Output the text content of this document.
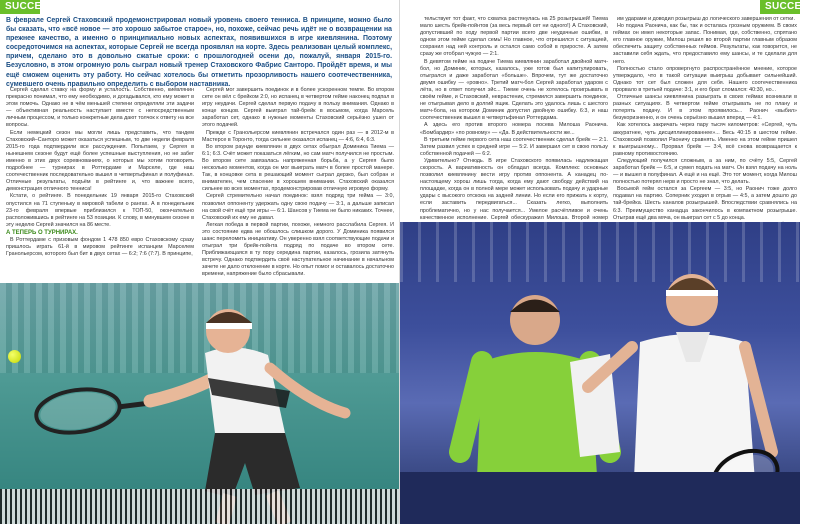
SUCCESS
В феврале Сергей Стаховский продемонстрировал новый уровень своего тенниса. В принципе, можно было бы сказать, что «всё новое — это хорошо забытое старое», но, похоже, сейчас речь идёт не о возвращении на прежнее качество, а именно о принципиально новых аспектах, появившихся в игре киевлянина. Поэтому сосредоточимся на аспектах, которые Сергей не всегда проявлял на корте. Здесь реализован целый комплекс, причем, сделано это в довольно сжатые сроки: с прошлогодней осени до, пожалуй, января 2015-го. Безусловно, в этом огромную роль сыграл новый тренер Стаховского Фабрис Санторо. Пройдёт время, и мы ещё сможем оценить эту работу. Но сейчас хотелось бы отметить прозорливость нашего соотечественника, сумевшего очень правильно определить с выбором наставника.

Сергей сделал ставку на форму и усталость. Собственно, киевлянин прекрасно понимал, что ему необходимо, и догадывался, кто ему может в этом помочь. Однако не в чём меньшей степени определяли эти задачи — объективная реальность наступает вместе с непосредственным личным процессом, и только конкретные дела дают толчок к ответу на все вопросы.

Если немецкий сезон мы могли лишь представить, что тандем Стаховский–Санторо может оказаться успешным, то две недели февраля 2015-го года подтвердили все рассуждения. Попытаем, у Сергея в нынешнем сезоне будут ещё более успешные выступления, но не забег именно в этих двух соревнованиях, о которых мы хотим поговорить подробнее — турнирах в Роттердаме и Марселе, где наш соотечественник последовательно вышел в четвертьфинал и полуфинал. Отличные результаты, подъём в рейтинге и, что важнее всего, демонстрация отличного тенниса!

Кстати, о рейтинге. В понедельник 19 января 2015-го Стаховский опустился на 71 ступеньку в мировой табели о рангах. А в понедельник 23-го февраля впервые приблизился к ТОП-50, окончательно расположившись в рейтинге на 53 позиции. К слову, в минувшем сезоне в эту неделю Сергей значился на 86 месте.

А ТЕПЕРЬ О ТУРНИРАХ.

В Роттердаме с призовым фондом 1 478 850 евро Стаховскому сразу пришлось играть 61-й в мировом рейтинге испанцем Марселем Гранольерсом, которого был бит в двух сетах — 6:2; 7:6 (7:7). В принципе,

Сергей мог завершить поединок и в более ускоренном темпе. Во втором сете он вёл с брейком 2:0, но испанец в четвертом гейме наконец подпал в игру неудачи. Сергей сделал первую подачу в пользу внимания. Однако в конце концов. Сергей выиграл тай-брейк в восьмом, когда Марсель заработал сет, однако в нужные моменты Стаховский серьёзно ушел от этого подачей.

Прежде с Гранольерсом киевлянин встречался один раз — в 2012-м в Мастерсе в Торонто, тогда сильнее оказался испанец — 4:6, 6:4, 6:3.

Во втором раунде киевлянин в двух сетах обыграл Доминика Тиема — 6:1; 6:3. Счёт может показаться лёгким, но сам матч получился не простым. Во втором сете завязалась напряженная борьба, а у Сергея было несколько моментов, когда он мог выиграть матч в более простой манере. Так, в концовке сета в решающий момент сыграл дерзко, был собран и внимателен, чем спасение в хорошем внимании. Стаховский оказался сильнее во всех моментах, продемонстрировав отличную игровую форму.

Сергей стремительно начал поединок: взял подряд три гейма — 3:0, позволил оппоненту удержать одну свою подачу — 3:1, а дальше записал на свой счёт ещё три игры — 6:1. Шансов у Тиема не было никаких. Точнее, Стаховский их ему не давал.

Легкая победа в первой партии, похоже, немного расслабила Сергея. И это состояние едва не обошлось слишком дорого. У Доминика появился шанс переломить инициативу. Он уверенно взял соответствующие подачи и отыграл три брейк-пойнта подряд по подаче во втором сете. Приближающаяся в ту пору середина партии, казалось, грозила затянуть встречу. Однако подтвердить своё наступательное начинание в начальном зачете не дало отклонение в корте. Но опыт помог и оставалось достаточно времени, напряжение было сбрасывали.

SUCCESS

тельствует тот факт, что схватка растянулась на 25 розыгрышей! Тиема мало шесть брейк-пойнтов (за весь первый сет ни одного!) А Стаховский, допустивший по ходу первой партии всего две неудачные ошибки, в одном этом гейме сделал семь! Но главное, что отрешился с ситуацией, сохранил над ней контроль и остался само собой в приросте. А затем сразу же отобрал чужую — 2:1.

В девятом гейме на подаче Тиема киевлянин заработал двойной матч-бол, но Доминик, которых, казалось, уже готов был капитулировать, отыгрался и даже заработал «больше». Впрочем, тут же достаточно двумя ошибку — «ровно». Третий матч-бол Сергей заработал ударом с лёта, но в ответ получил эйс... Тиеме очень не хотелось проигрывать в своём гейме, и Стаховский, неврастеник, стремился завершить поединок, не отыгрывая дело в долгий ящик. Сделать это удалось лишь с шестого матч-бола, на котором Доминик допустил двойную ошибку. 6:3, и наш соотечественник вышел в четвертьфинал Роттердама.

А здесь его против второго номера посева Милоша Раонича. «Бомбардир» «по ровному» — «Да. В действительности же...

В третьем гейме первого сета наш соотечественник сделал брейк — 2:1. Затем развил успех в средней игре — 5:2. И завершил сет в свою пользу собственной подачей — 6:2.

Удивительно? Отнюдь. В игре Стаховского появилась надлежащая скорость. А вариативность он обладал всегда. Комплекс основных позволил киевлянину вести игру против оппонента. А канадец по-настоящему хорош лишь тогда, когда ему дают свободу действий на площадке, когда он в полной мере может использовать подачу и ударные удары с высокого отскока на задней линии. Но если его прижать к корту, если заставить передвигаться... Сказать легко, выполнить проблематично, но у нас получается... Умелое расчётливое и очень качественное исполнение. Сергей обескуражил Милоша. Второй номер

им ударами и доводил розыгрыш до логического завершения от сетки.

Но подача Раонича, как бы, так и осталась грозным оружием. В своих геймах он имел некоторые запас. Понимая, где, собственно, спрятано его главное оружие, Милош решил во второй партии главным образом обеспечить защиту собственных геймов. Результаты, как говорится, не заставили себя ждать, что предоставило ему шансы, и те сделали для него.

Полностью стало опровергнуто распространённое мнение, которое утверждало, что в такой ситуации выигрыш добывает сильнейший. Однако тот сет был сложен для себя. Нашего соотечественника прорвало в третьей подаче: 3:1, и его брат сломался: 40:30, но...

Отличные шансы киевлянина разыграть в своих геймах возникали в разных ситуациях. В четвертом гейме отыгрывать не по плану и потерять подачу. И в этом проявилось... Раонич «выбил» безукоризненно, и он очень серьёзно вышел вперед — 4:1.

Как хотелось закричать через пару тысяч километров: «Сергей, чуть аккуратнее, чуть дисциплинированнее»... Весь 40:15 в шестом гейме. Стаховский позволил Раоничу сравнять. Именно на этом гейме пришел к выигрышному... Прорвал брейк — 3:4, всё снова возвращается к равному противостоянию.

Следующий получился сложным, а за ним, по счёту 5:5, Сергей заработал брейк — 6:5, и сумел подать на матч. Он взял подачу на ноль — и вышел в полуфинал. А ещё и на ещё. Это тот момент, когда Милош полностью потерял нерв и просто не знал, что делать.

Восьмой гейм остался за Сергеем — 3:5, но Раонич тоже долго подавал на партию. Соперник уходил в отрыв — 4:5, а затем дошло до тай-брейка. Шесть каналов розыгрышей. Впоследствии сравнялись на 6:3. Преимущество канадца закончилось в компактном розыгрыше. Отыграв ещё два мяча, он выиграл сет с 5 до конца.
